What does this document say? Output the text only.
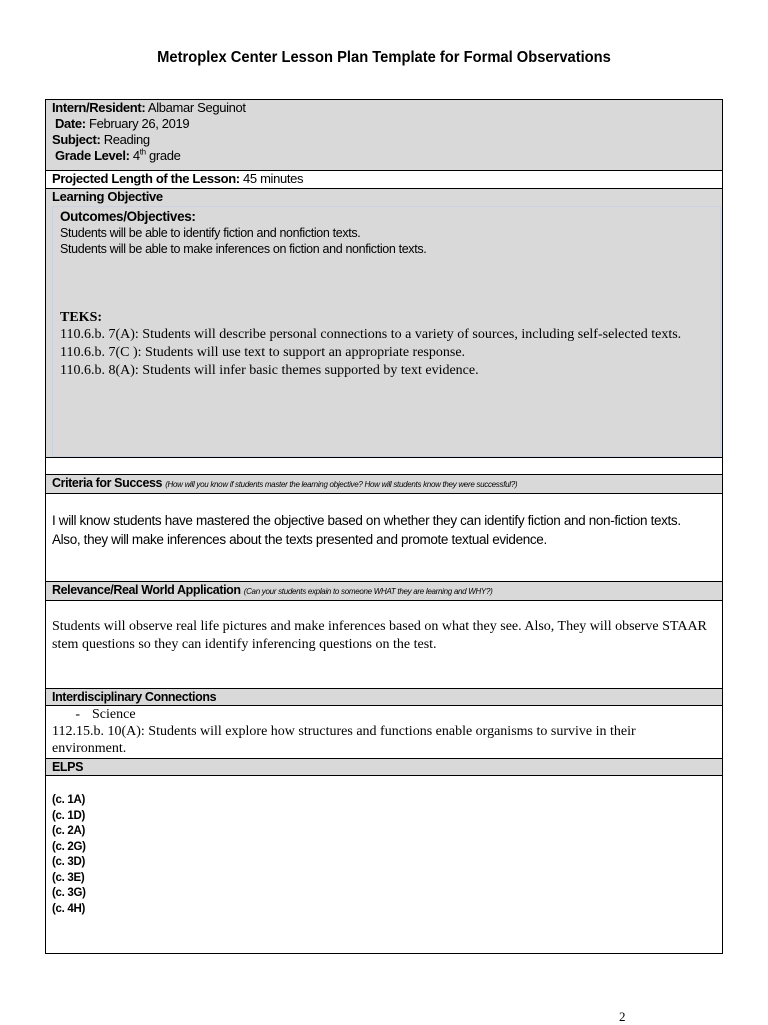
Metroplex Center Lesson Plan Template for Formal Observations
Intern/Resident: Albamar Seguinot
Date: February 26, 2019
Subject: Reading
Grade Level: 4th grade

Projected Length of the Lesson: 45 minutes

Learning Objective
Outcomes/Objectives:
Students will be able to identify fiction and nonfiction texts.
Students will be able to make inferences on fiction and nonfiction texts.
TEKS:
110.6.b. 7(A): Students will describe personal connections to a variety of sources, including self-selected texts.
110.6.b. 7(C ): Students will use text to support an appropriate response.
110.6.b. 8(A): Students will infer basic themes supported by text evidence.

Criteria for Success (How will you know if students master the learning objective? How will students know they were successful?)

I will know students have mastered the objective based on whether they can identify fiction and non-fiction texts. Also, they will make inferences about the texts presented and promote textual evidence.

Relevance/Real World Application (Can your students explain to someone WHAT they are learning and WHY?)

Students will observe real life pictures and make inferences based on what they see. Also, They will observe STAAR stem questions so they can identify inferencing questions on the test.

Interdisciplinary Connections

- Science
112.15.b. 10(A): Students will explore how structures and functions enable organisms to survive in their environment.

ELPS

(c. 1A)
(c. 1D)
(c. 2A)
(c. 2G)
(c. 3D)
(c. 3E)
(c. 3G)
(c. 4H)
2
